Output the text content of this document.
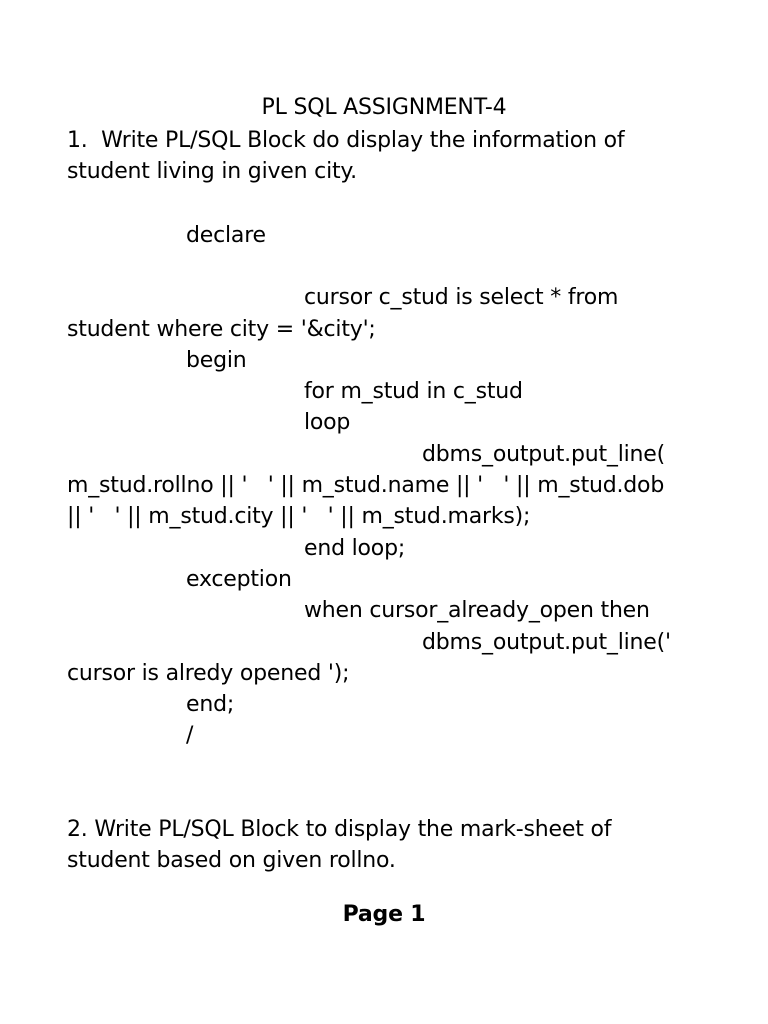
PL SQL ASSIGNMENT-4
1.  Write PL/SQL Block do display the information of
student living in given city.
declare
cursor c_stud is select * from
student where city = '&city';
begin
for m_stud in c_stud
loop
dbms_output.put_line(
m_stud.rollno || '   ' || m_stud.name || '   ' || m_stud.dob
|| '   ' || m_stud.city || '   ' || m_stud.marks);
end loop;
exception
when cursor_already_open then
dbms_output.put_line('
cursor is alredy opened ');
end;
/
2. Write PL/SQL Block to display the mark-sheet of
student based on given rollno.
Page 1
